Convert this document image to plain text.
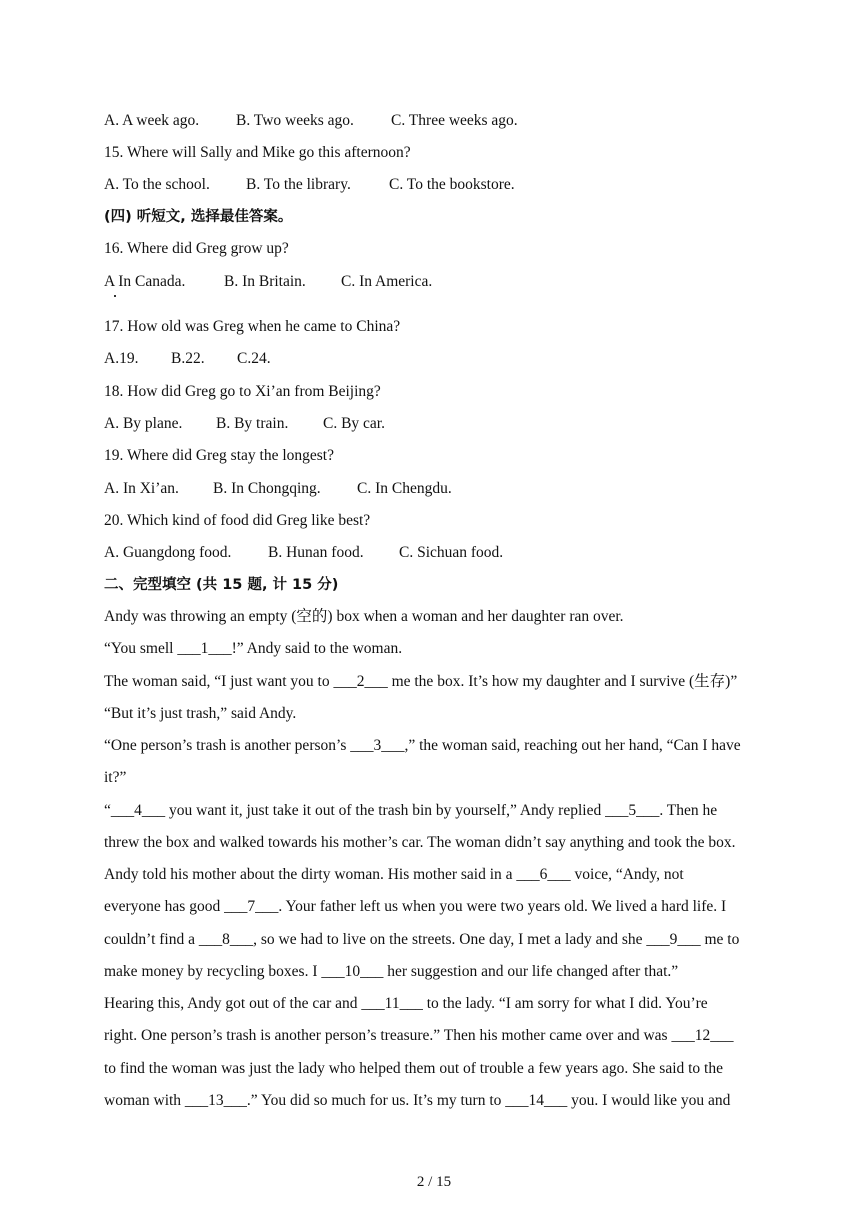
A. A week ago. B. Two weeks ago. C. Three weeks ago.
15. Where will Sally and Mike go this afternoon?
A. To the school. B. To the library. C. To the bookstore.
(四) 听短文, 选择最佳答案。
16. Where did Greg grow up?
A In Canada. B. In Britain. C. In America.
17. How old was Greg when he came to China?
A.19. B.22. C.24.
18. How did Greg go to Xi’an from Beijing?
A. By plane. B. By train. C. By car.
19. Where did Greg stay the longest?
A. In Xi’an. B. In Chongqing. C. In Chengdu.
20. Which kind of food did Greg like best?
A. Guangdong food. B. Hunan food. C. Sichuan food.
二、完型填空 (共 15 题, 计 15 分)
Andy was throwing an empty (空的) box when a woman and her daughter ran over.
“You smell ___1___!” Andy said to the woman.
The woman said, “I just want you to ___2___ me the box. It’s how my daughter and I survive (生存)”
“But it’s just trash,” said Andy.
“One person’s trash is another person’s ___3___,” the woman said, reaching out her hand, “Can I have
it?”
“___4___ you want it, just take it out of the trash bin by yourself,” Andy replied ___5___. Then he
threw the box and walked towards his mother’s car. The woman didn’t say anything and took the box.
Andy told his mother about the dirty woman. His mother said in a ___6___ voice, “Andy, not
everyone has good ___7___. Your father left us when you were two years old. We lived a hard life. I
couldn’t find a ___8___, so we had to live on the streets. One day, I met a lady and she ___9___ me to
make money by recycling boxes. I ___10___ her suggestion and our life changed after that.”
Hearing this, Andy got out of the car and ___11___ to the lady. “I am sorry for what I did. You’re
right. One person’s trash is another person’s treasure.” Then his mother came over and was ___12___
to find the woman was just the lady who helped them out of trouble a few years ago. She said to the
woman with ___13___.” You did so much for us. It’s my turn to ___14___ you. I would like you and
2 / 15
